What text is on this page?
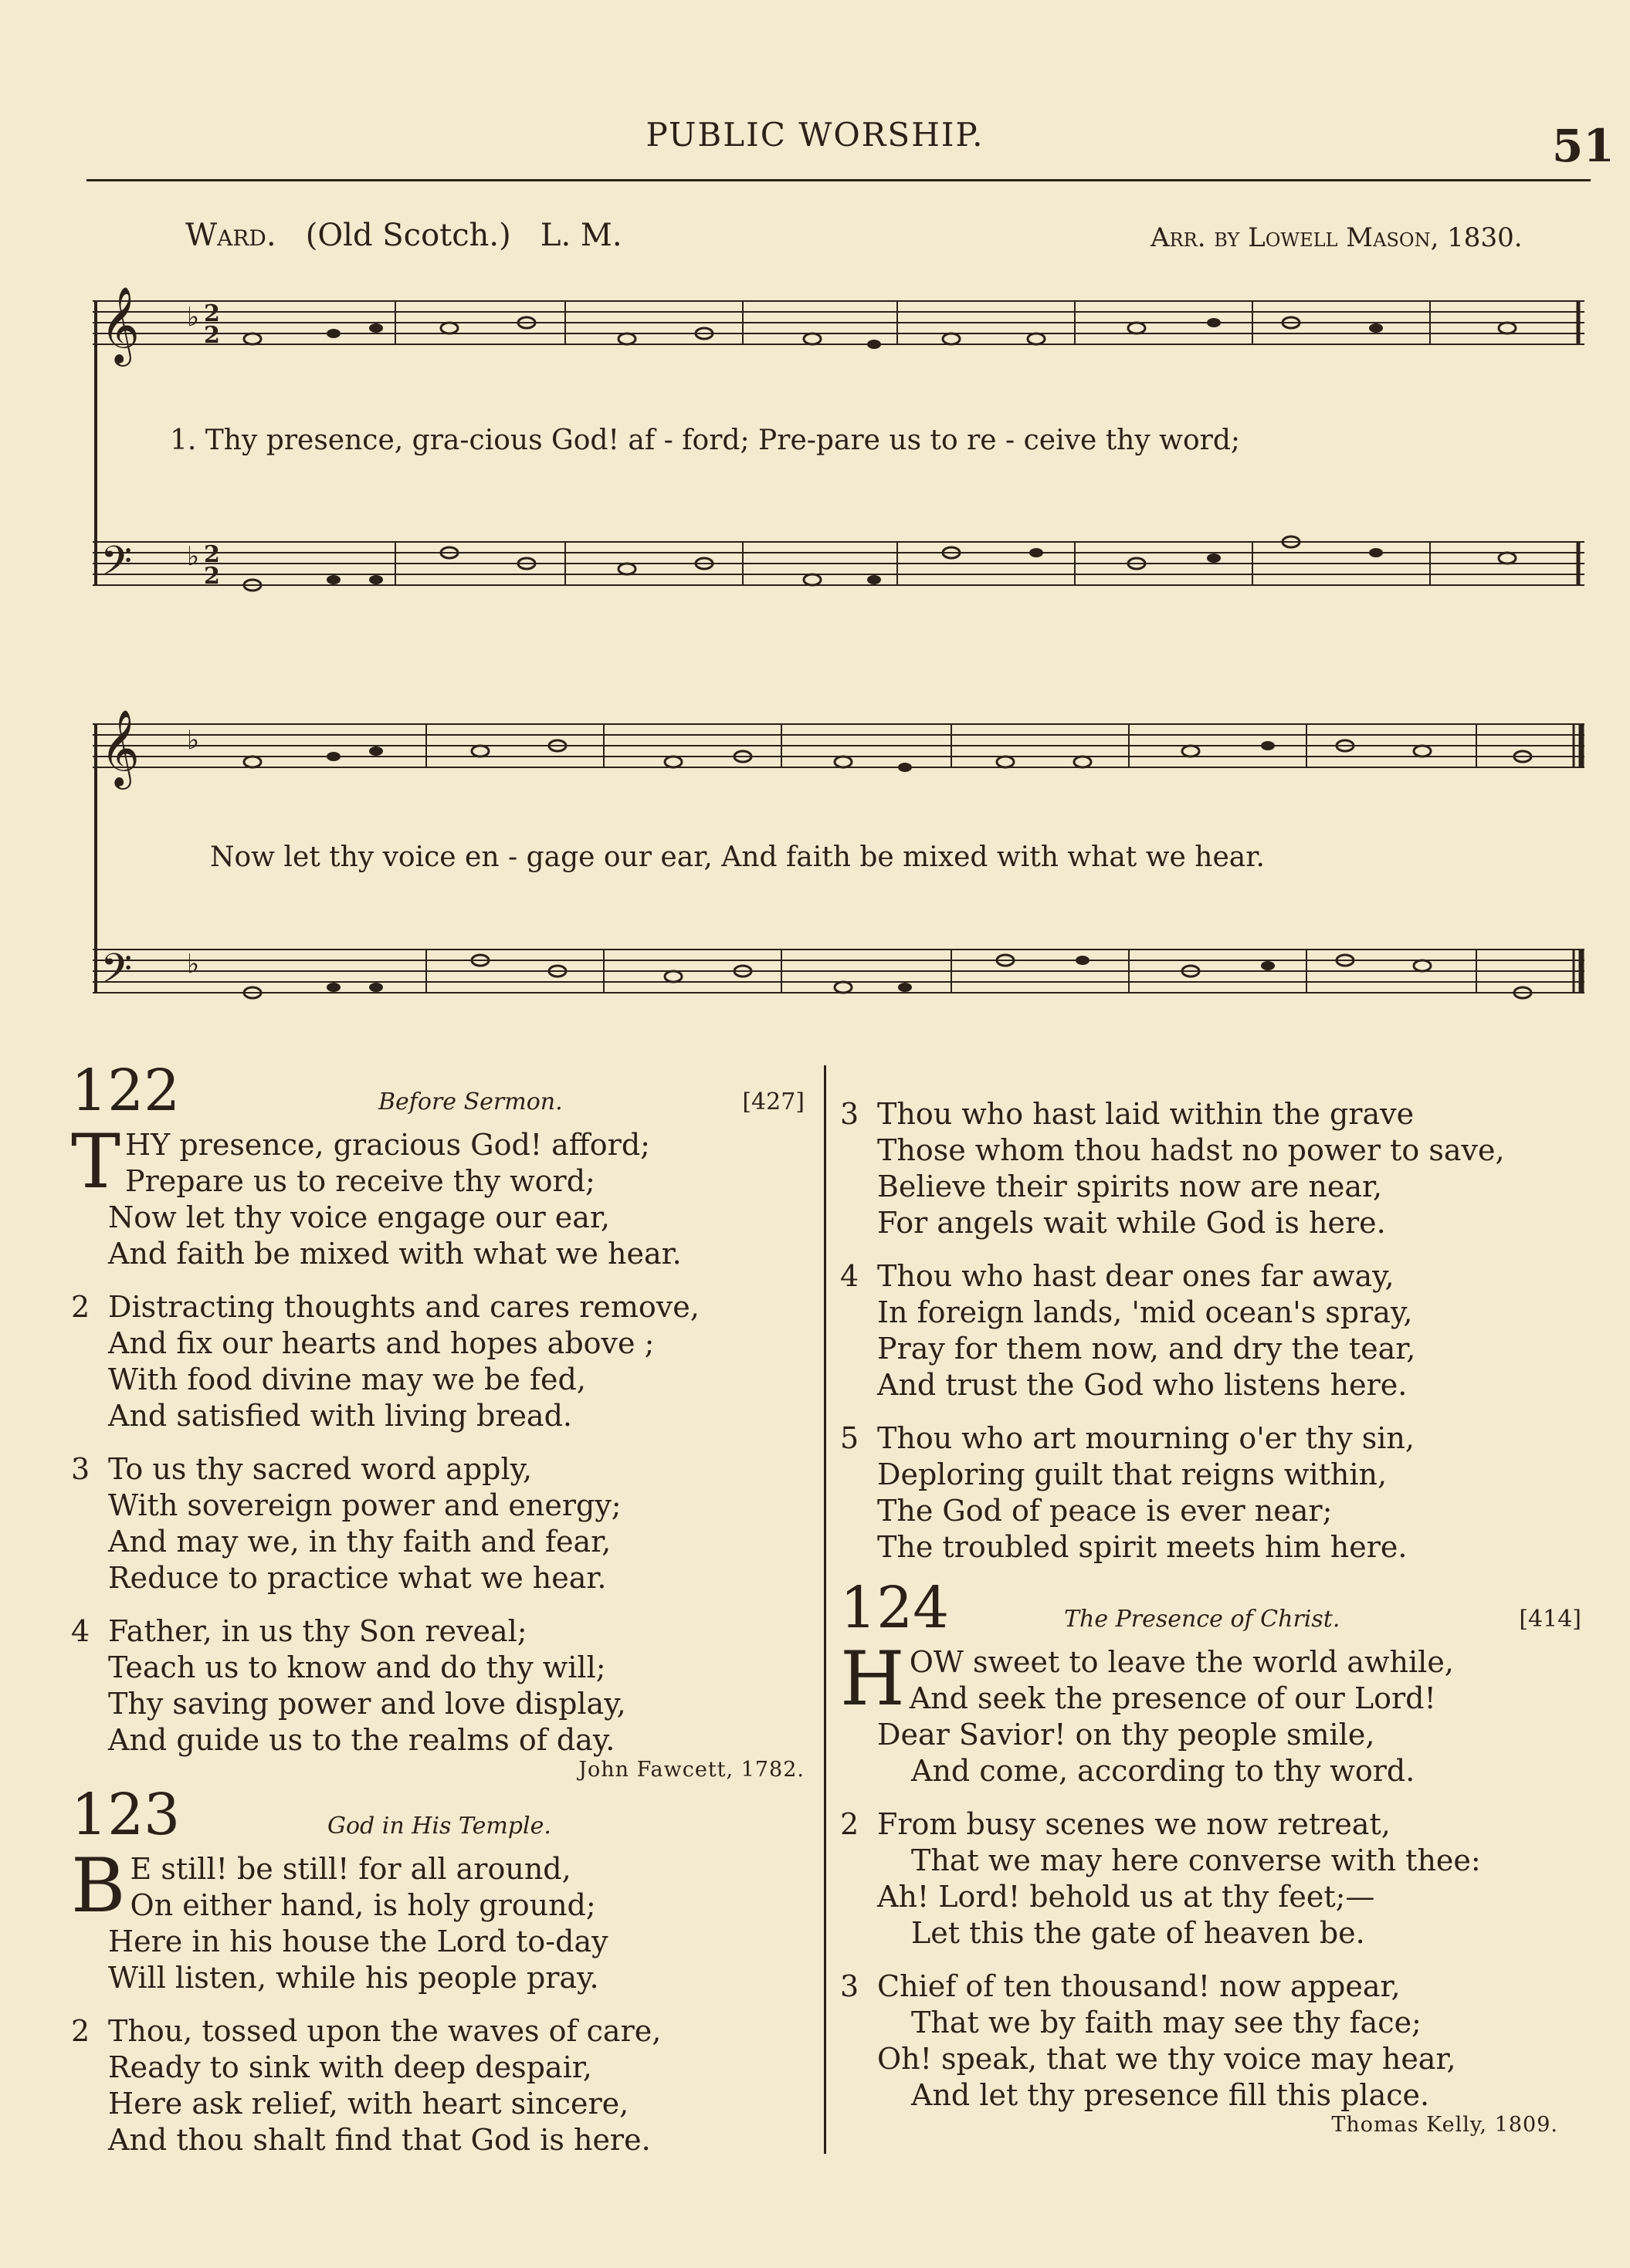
PUBLIC WORSHIP.	51
Ward. (Old Scotch.) L. M.	Arr. by Lowell Mason, 1830.
𝄞 ♭ 2
2
𝄢 ♭ 2
2
1. Thy presence, gra-cious God! af - ford; Pre-pare us to re - ceive thy word;
𝄞 ♭
𝄢 ♭
Now let thy voice en - gage our ear, And faith be mixed with what we hear.
122	Before Sermon.	[427]
T HY presence, gracious God! afford;
Prepare us to receive thy word;
Now let thy voice engage our ear,
And faith be mixed with what we hear.
2 Distracting thoughts and cares remove,
And fix our hearts and hopes above ;
With food divine may we be fed,
And satisfied with living bread.
3 To us thy sacred word apply,
With sovereign power and energy;
And may we, in thy faith and fear,
Reduce to practice what we hear.
4 Father, in us thy Son reveal;
Teach us to know and do thy will;
Thy saving power and love display,
And guide us to the realms of day.
John Fawcett, 1782.
123	God in His Temple.
B E still! be still! for all around,
On either hand, is holy ground;
Here in his house the Lord to-day
Will listen, while his people pray.
2 Thou, tossed upon the waves of care,
Ready to sink with deep despair,
Here ask relief, with heart sincere,
And thou shalt find that God is here.
3 Thou who hast laid within the grave
Those whom thou hadst no power to save,
Believe their spirits now are near,
For angels wait while God is here.
4 Thou who hast dear ones far away,
In foreign lands, 'mid ocean's spray,
Pray for them now, and dry the tear,
And trust the God who listens here.
5 Thou who art mourning o'er thy sin,
Deploring guilt that reigns within,
The God of peace is ever near;
The troubled spirit meets him here.
124	The Presence of Christ.	[414]
H OW sweet to leave the world awhile,
And seek the presence of our Lord!
Dear Savior! on thy people smile,
And come, according to thy word.
2 From busy scenes we now retreat,
That we may here converse with thee:
Ah! Lord! behold us at thy feet;—
Let this the gate of heaven be.
3 Chief of ten thousand! now appear,
That we by faith may see thy face;
Oh! speak, that we thy voice may hear,
And let thy presence fill this place.
Thomas Kelly, 1809.
